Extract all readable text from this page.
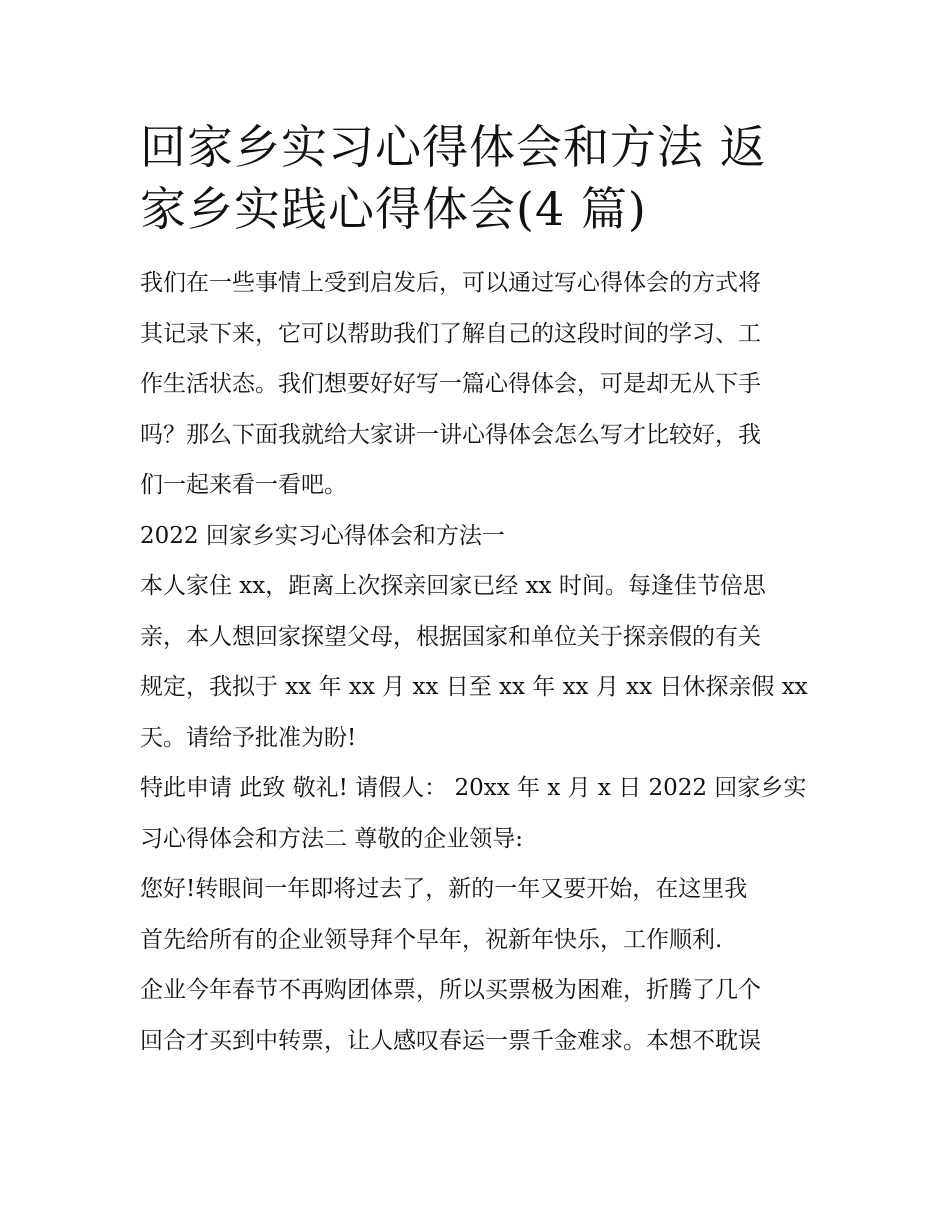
回家乡实习心得体会和方法 返
家乡实践心得体会(4 篇)
我们在一些事情上受到启发后，可以通过写心得体会的方式将
其记录下来，它可以帮助我们了解自己的这段时间的学习、工
作生活状态。我们想要好好写一篇心得体会，可是却无从下手
吗？那么下面我就给大家讲一讲心得体会怎么写才比较好，我
们一起来看一看吧。
2022 回家乡实习心得体会和方法一
本人家住 xx，距离上次探亲回家已经 xx 时间。每逢佳节倍思
亲，本人想回家探望父母，根据国家和单位关于探亲假的有关
规定，我拟于 xx 年 xx 月 xx 日至 xx 年 xx 月 xx 日休探亲假 xx
天。请给予批准为盼!
特此申请 此致 敬礼! 请假人： 20xx 年 x 月 x 日 2022 回家乡实
习心得体会和方法二 尊敬的企业领导:
您好!转眼间一年即将过去了，新的一年又要开始，在这里我
首先给所有的企业领导拜个早年，祝新年快乐，工作顺利.
企业今年春节不再购团体票，所以买票极为困难，折腾了几个
回合才买到中转票，让人感叹春运一票千金难求。本想不耽误
